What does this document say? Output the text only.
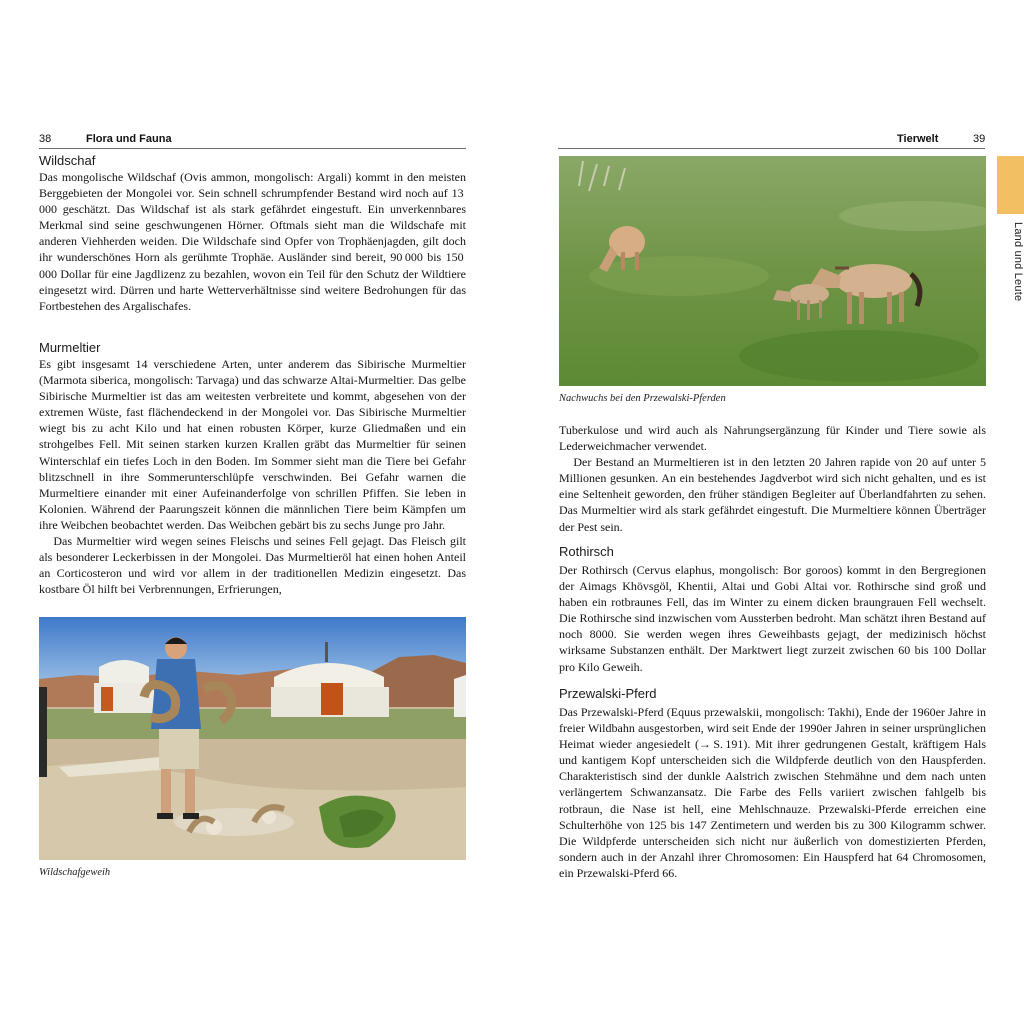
38	Flora und Fauna
Wildschaf

Das mongolische Wildschaf (Ovis ammon, mongolisch: Argali) kommt in den meisten Berggebieten der Mongolei vor. Sein schnell schrumpfender Bestand wird noch auf 13 000 geschätzt. Das Wildschaf ist als stark gefährdet eingestuft. Ein unverkennbares Merkmal sind seine geschwungenen Hörner. Oftmals sieht man die Wildschafe mit anderen Viehherden weiden. Die Wildschafe sind Opfer von Trophäenjagden, gilt doch ihr wunderschönes Horn als gerühmte Trophäe. Ausländer sind bereit, 90 000 bis 150 000 Dollar für eine Jagdlizenz zu bezahlen, wovon ein Teil für den Schutz der Wildtiere eingesetzt wird. Dürren und harte Wetterverhältnisse sind weitere Bedrohungen für das Fortbestehen des Argalischafes.

Murmeltier

Es gibt insgesamt 14 verschiedene Arten, unter anderem das Sibirische Murmeltier (Marmota siberica, mongolisch: Tarvaga) und das schwarze Altai-Murmeltier. Das gelbe Sibirische Murmeltier ist das am weitesten verbreitete und kommt, abgesehen von der extremen Wüste, fast flächendeckend in der Mongolei vor. Das Sibirische Murmeltier wiegt bis zu acht Kilo und hat einen robusten Körper, kurze Gliedmaßen und ein strohgelbes Fell. Mit seinen starken kurzen Krallen gräbt das Murmeltier für seinen Winterschlaf ein tiefes Loch in den Boden. Im Sommer sieht man die Tiere bei Gefahr blitzschnell in ihre Sommerunterschlüpfe verschwinden. Bei Gefahr warnen die Murmeltiere einander mit einer Aufeinanderfolge von schrillen Pfiffen. Sie leben in Kolonien. Während der Paarungszeit können die männlichen Tiere beim Kämpfen um ihre Weibchen beobachtet werden. Das Weibchen gebärt bis zu sechs Junge pro Jahr.

Das Murmeltier wird wegen seines Fleischs und seines Fell gejagt. Das Fleisch gilt als besonderer Leckerbissen in der Mongolei. Das Murmeltieröl hat einen hohen Anteil an Corticosteron und wird vor allem in der traditionellen Medizin eingesetzt. Das kostbare Öl hilft bei Verbrennungen, Erfrierungen,

Wildschafgeweih
Tierwelt	39
Nachwuchs bei den Przewalski-Pferden

Tuberkulose und wird auch als Nahrungsergänzung für Kinder und Tiere sowie als Lederweichmacher verwendet.

Der Bestand an Murmeltieren ist in den letzten 20 Jahren rapide von 20 auf unter 5 Millionen gesunken. An ein bestehendes Jagdverbot wird sich nicht gehalten, und es ist eine Seltenheit geworden, den früher ständigen Begleiter auf Überlandfahrten zu sehen. Das Murmeltier wird als stark gefährdet eingestuft. Die Murmeltiere können Überträger der Pest sein.

Rothirsch

Der Rothirsch (Cervus elaphus, mongolisch: Bor goroos) kommt in den Bergregionen der Aimags Khövsgöl, Khentii, Altai und Gobi Altai vor. Rothirsche sind groß und haben ein rotbraunes Fell, das im Winter zu einem dicken braungrauen Fell wechselt. Die Rothirsche sind inzwischen vom Aussterben bedroht. Man schätzt ihren Bestand auf noch 8000. Sie werden wegen ihres Geweihbasts gejagt, der medizinisch höchst wirksame Substanzen enthält. Der Marktwert liegt zurzeit zwischen 60 bis 100 Dollar pro Kilo Geweih.

Przewalski-Pferd

Das Przewalski-Pferd (Equus przewalskii, mongolisch: Takhi), Ende der 1960er Jahre in freier Wildbahn ausgestorben, wird seit Ende der 1990er Jahren in seiner ursprünglichen Heimat wieder angesiedelt (→ S. 191). Mit ihrer gedrungenen Gestalt, kräftigem Hals und kantigem Kopf unterscheiden sich die Wildpferde deutlich von den Hauspferden. Charakteristisch sind der dunkle Aalstrich zwischen Stehmähne und dem nach unten verlängertem Schwanzansatz. Die Farbe des Fells variiert zwischen fahlgelb bis rotbraun, die Nase ist hell, eine Mehlschnauze. Przewalski-Pferde erreichen eine Schulterhöhe von 125 bis 147 Zentimetern und werden bis zu 300 Kilogramm schwer. Die Wildpferde unterscheiden sich nicht nur äußerlich von domestizierten Pferden, sondern auch in der Anzahl ihrer Chromosomen: Ein Hauspferd hat 64 Chromosomen, ein Przewalski-Pferd 66.

Land und Leute
